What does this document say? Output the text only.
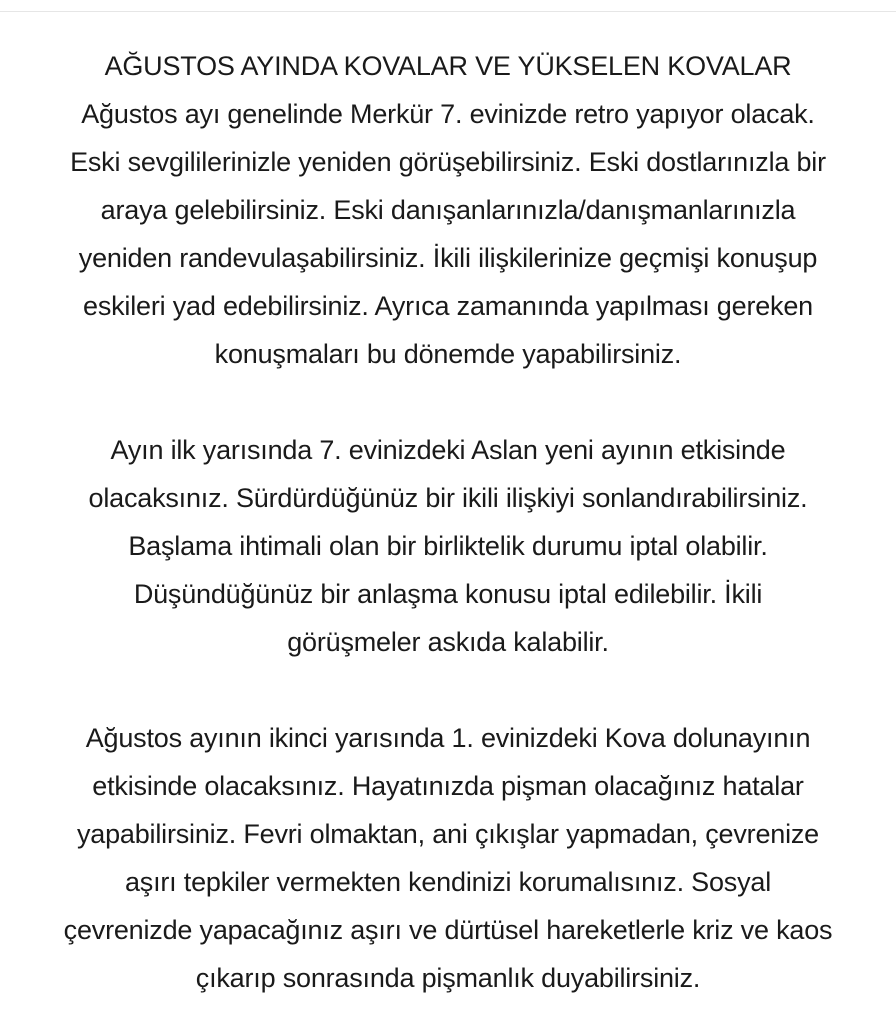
AĞUSTOS AYINDA KOVALAR VE YÜKSELEN KOVALAR
Ağustos ayı genelinde Merkür 7. evinizde retro yapıyor olacak.
Eski sevgililerinizle yeniden görüşebilirsiniz. Eski dostlarınızla bir
araya gelebilirsiniz. Eski danışanlarınızla/danışmanlarınızla
yeniden randevulaşabilirsiniz. İkili ilişkilerinize geçmişi konuşup
eskileri yad edebilirsiniz. Ayrıca zamanında yapılması gereken
konuşmaları bu dönemde yapabilirsiniz.

Ayın ilk yarısında 7. evinizdeki Aslan yeni ayının etkisinde
olacaksınız. Sürdürdüğünüz bir ikili ilişkiyi sonlandırabilirsiniz.
Başlama ihtimali olan bir birliktelik durumu iptal olabilir.
Düşündüğünüz bir anlaşma konusu iptal edilebilir. İkili
görüşmeler askıda kalabilir.

Ağustos ayının ikinci yarısında 1. evinizdeki Kova dolunayının
etkisinde olacaksınız. Hayatınızda pişman olacağınız hatalar
yapabilirsiniz. Fevri olmaktan, ani çıkışlar yapmadan, çevrenize
aşırı tepkiler vermekten kendinizi korumalısınız. Sosyal
çevrenizde yapacağınız aşırı ve dürtüsel hareketlerle kriz ve kaos
çıkarıp sonrasında pişmanlık duyabilirsiniz.
